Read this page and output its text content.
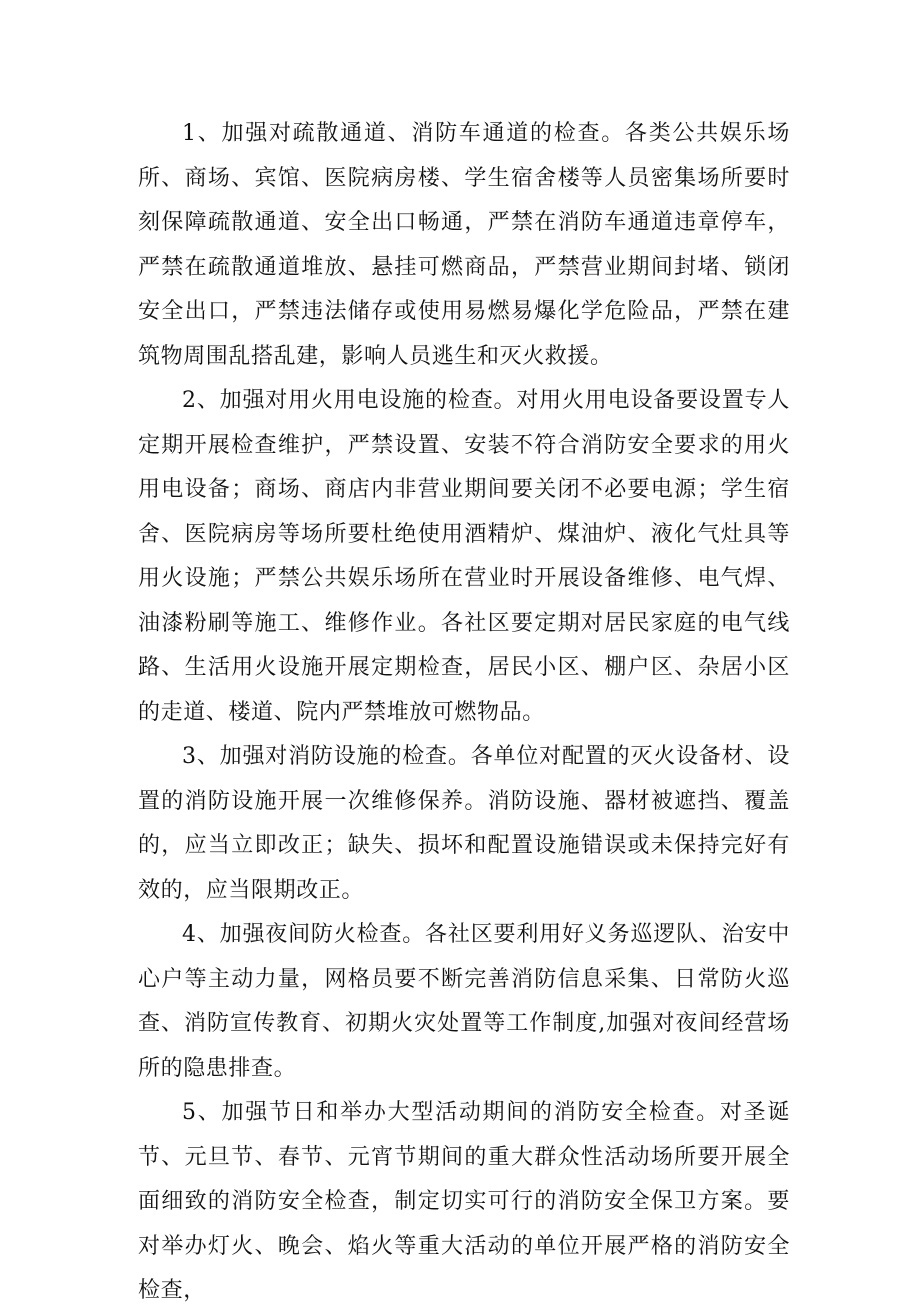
1、加强对疏散通道、消防车通道的检查。各类公共娱乐场所、商场、宾馆、医院病房楼、学生宿舍楼等人员密集场所要时刻保障疏散通道、安全出口畅通，严禁在消防车通道违章停车，严禁在疏散通道堆放、悬挂可燃商品，严禁营业期间封堵、锁闭安全出口，严禁违法储存或使用易燃易爆化学危险品，严禁在建筑物周围乱搭乱建，影响人员逃生和灭火救援。

2、加强对用火用电设施的检查。对用火用电设备要设置专人定期开展检查维护，严禁设置、安装不符合消防安全要求的用火用电设备；商场、商店内非营业期间要关闭不必要电源；学生宿舍、医院病房等场所要杜绝使用酒精炉、煤油炉、液化气灶具等用火设施；严禁公共娱乐场所在营业时开展设备维修、电气焊、油漆粉刷等施工、维修作业。各社区要定期对居民家庭的电气线路、生活用火设施开展定期检查，居民小区、棚户区、杂居小区的走道、楼道、院内严禁堆放可燃物品。

3、加强对消防设施的检查。各单位对配置的灭火设备材、设置的消防设施开展一次维修保养。消防设施、器材被遮挡、覆盖的，应当立即改正；缺失、损坏和配置设施错误或未保持完好有效的，应当限期改正。

4、加强夜间防火检查。各社区要利用好义务巡逻队、治安中心户等主动力量，网格员要不断完善消防信息采集、日常防火巡查、消防宣传教育、初期火灾处置等工作制度,加强对夜间经营场所的隐患排查。

5、加强节日和举办大型活动期间的消防安全检查。对圣诞节、元旦节、春节、元宵节期间的重大群众性活动场所要开展全面细致的消防安全检查，制定切实可行的消防安全保卫方案。要对举办灯火、晚会、焰火等重大活动的单位开展严格的消防安全检查，
